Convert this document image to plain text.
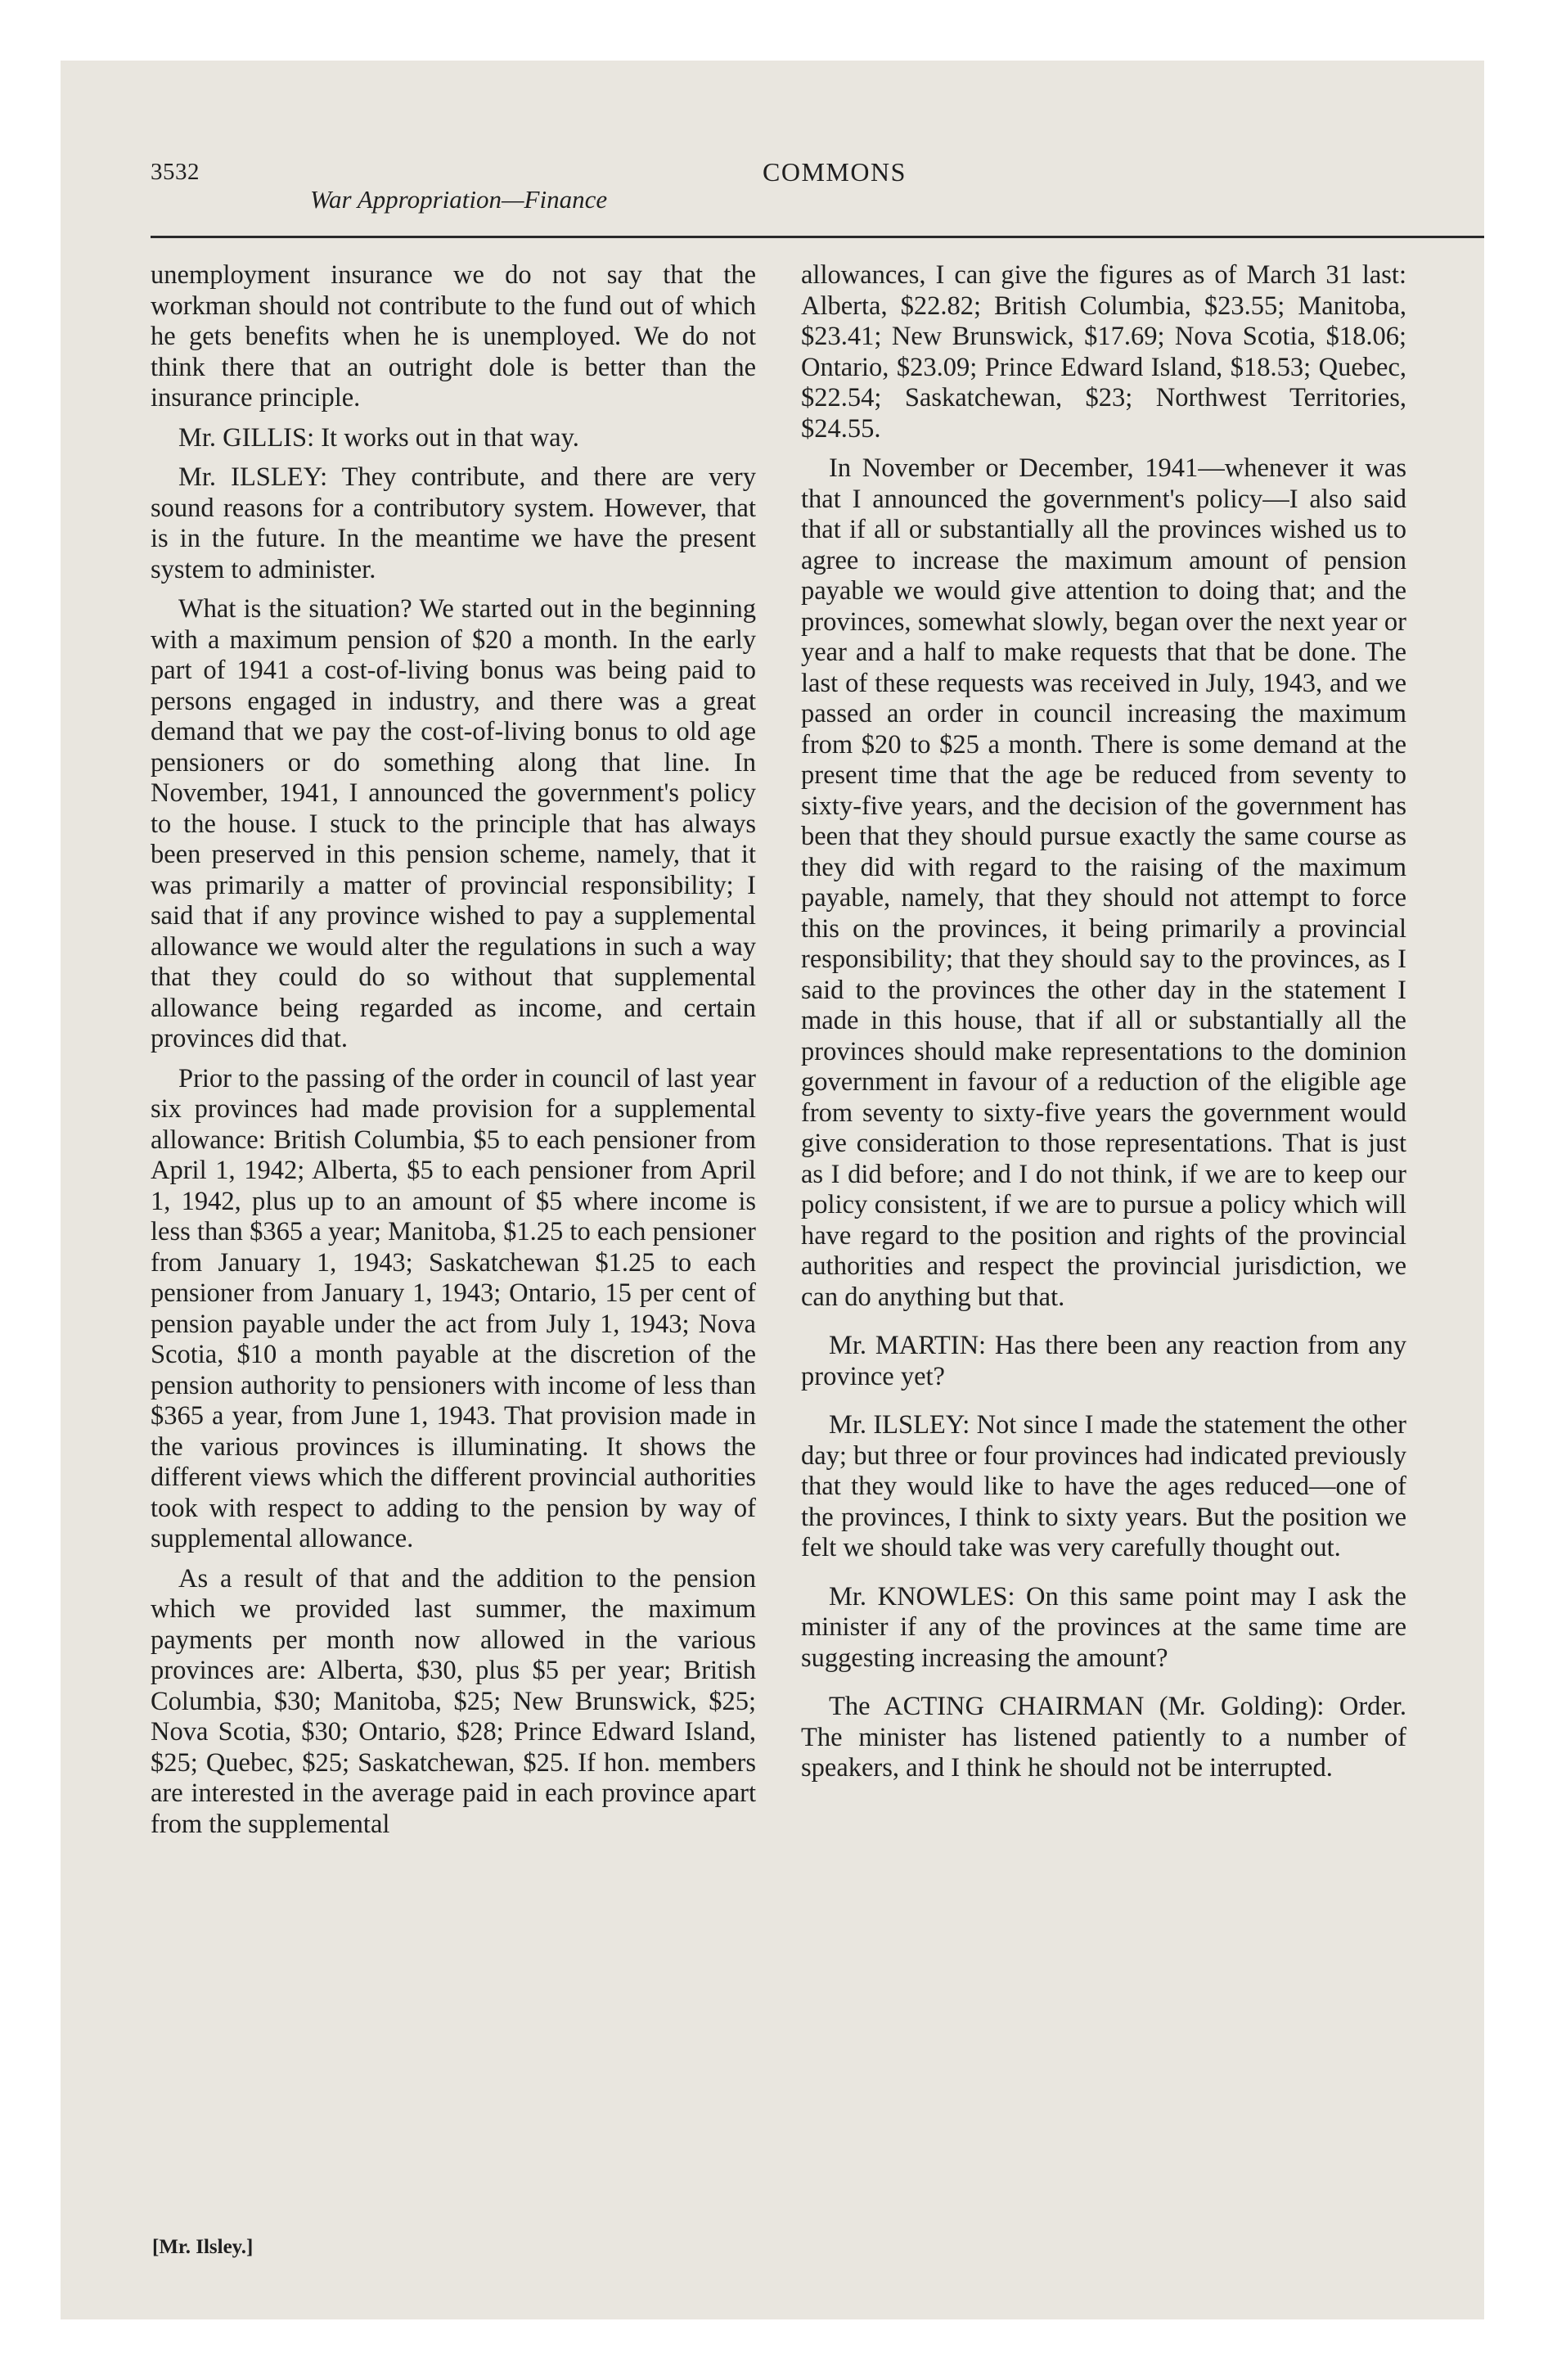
3532	COMMONS
War Appropriation—Finance

unemployment insurance we do not say that the workman should not contribute to the fund out of which he gets benefits when he is unemployed. We do not think there that an outright dole is better than the insurance principle.

Mr. GILLIS: It works out in that way.

Mr. ILSLEY: They contribute, and there are very sound reasons for a contributory system. However, that is in the future. In the meantime we have the present system to administer.

What is the situation? We started out in the beginning with a maximum pension of $20 a month. In the early part of 1941 a cost-of-living bonus was being paid to persons engaged in industry, and there was a great demand that we pay the cost-of-living bonus to old age pensioners or do something along that line. In November, 1941, I announced the government's policy to the house. I stuck to the principle that has always been preserved in this pension scheme, namely, that it was primarily a matter of provincial responsibility; I said that if any province wished to pay a supplemental allowance we would alter the regulations in such a way that they could do so without that supplemental allowance being regarded as income, and certain provinces did that.

Prior to the passing of the order in council of last year six provinces had made provision for a supplemental allowance: British Columbia, $5 to each pensioner from April 1, 1942; Alberta, $5 to each pensioner from April 1, 1942, plus up to an amount of $5 where income is less than $365 a year; Manitoba, $1.25 to each pensioner from January 1, 1943; Saskatchewan $1.25 to each pensioner from January 1, 1943; Ontario, 15 per cent of pension payable under the act from July 1, 1943; Nova Scotia, $10 a month payable at the discretion of the pension authority to pensioners with income of less than $365 a year, from June 1, 1943. That provision made in the various provinces is illuminating. It shows the different views which the different provincial authorities took with respect to adding to the pension by way of supplemental allowance.

As a result of that and the addition to the pension which we provided last summer, the maximum payments per month now allowed in the various provinces are: Alberta, $30, plus $5 per year; British Columbia, $30; Manitoba, $25; New Brunswick, $25; Nova Scotia, $30; Ontario, $28; Prince Edward Island, $25; Quebec, $25; Saskatchewan, $25. If hon. members are interested in the average paid in each province apart from the supplemental

allowances, I can give the figures as of March 31 last: Alberta, $22.82; British Columbia, $23.55; Manitoba, $23.41; New Brunswick, $17.69; Nova Scotia, $18.06; Ontario, $23.09; Prince Edward Island, $18.53; Quebec, $22.54; Saskatchewan, $23; Northwest Territories, $24.55.

In November or December, 1941—whenever it was that I announced the government's policy—I also said that if all or substantially all the provinces wished us to agree to increase the maximum amount of pension payable we would give attention to doing that; and the provinces, somewhat slowly, began over the next year or year and a half to make requests that that be done. The last of these requests was received in July, 1943, and we passed an order in council increasing the maximum from $20 to $25 a month. There is some demand at the present time that the age be reduced from seventy to sixty-five years, and the decision of the government has been that they should pursue exactly the same course as they did with regard to the raising of the maximum payable, namely, that they should not attempt to force this on the provinces, it being primarily a provincial responsibility; that they should say to the provinces, as I said to the provinces the other day in the statement I made in this house, that if all or substantially all the provinces should make representations to the dominion government in favour of a reduction of the eligible age from seventy to sixty-five years the government would give consideration to those representations. That is just as I did before; and I do not think, if we are to keep our policy consistent, if we are to pursue a policy which will have regard to the position and rights of the provincial authorities and respect the provincial jurisdiction, we can do anything but that.

Mr. MARTIN: Has there been any reaction from any province yet?

Mr. ILSLEY: Not since I made the statement the other day; but three or four provinces had indicated previously that they would like to have the ages reduced—one of the provinces, I think to sixty years. But the position we felt we should take was very carefully thought out.

Mr. KNOWLES: On this same point may I ask the minister if any of the provinces at the same time are suggesting increasing the amount?

The ACTING CHAIRMAN (Mr. Golding): Order. The minister has listened patiently to a number of speakers, and I think he should not be interrupted.

[Mr. Ilsley.]
